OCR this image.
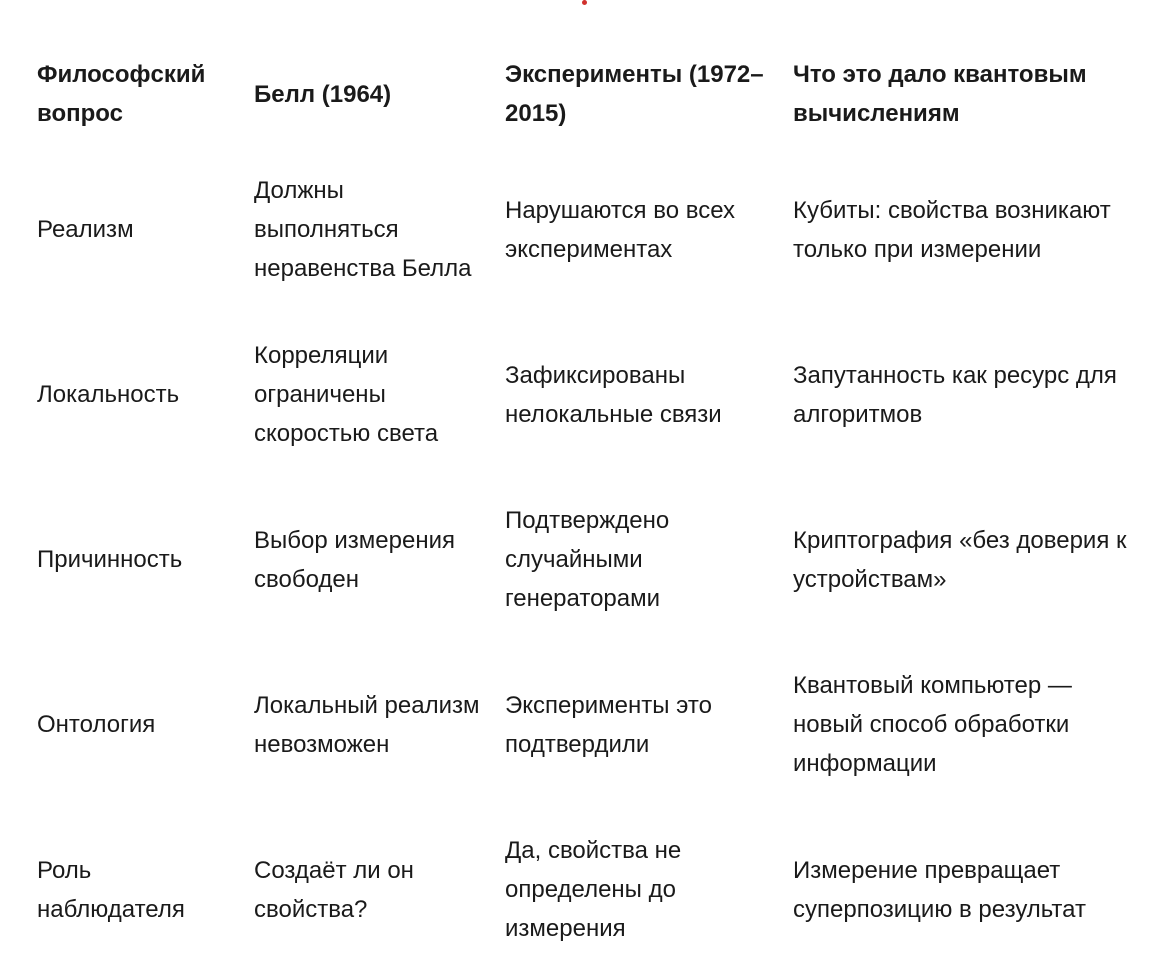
Философский вопрос	Белл (1964)	Эксперименты (1972–2015)	Что это дало квантовым вычислениям
Реализм	Должны выполняться неравенства Белла	Нарушаются во всех экспериментах	Кубиты: свойства возникают только при измерении
Локальность	Корреляции ограничены скоростью света	Зафиксированы нелокальные связи	Запутанность как ресурс для алгоритмов
Причинность	Выбор измерения свободен	Подтверждено случайными генераторами	Криптография «без доверия к устройствам»
Онтология	Локальный реализм невозможен	Эксперименты это подтвердили	Квантовый компьютер — новый способ обработки информации
Роль наблюдателя	Создаёт ли он свойства?	Да, свойства не определены до измерения	Измерение превращает суперпозицию в результат
